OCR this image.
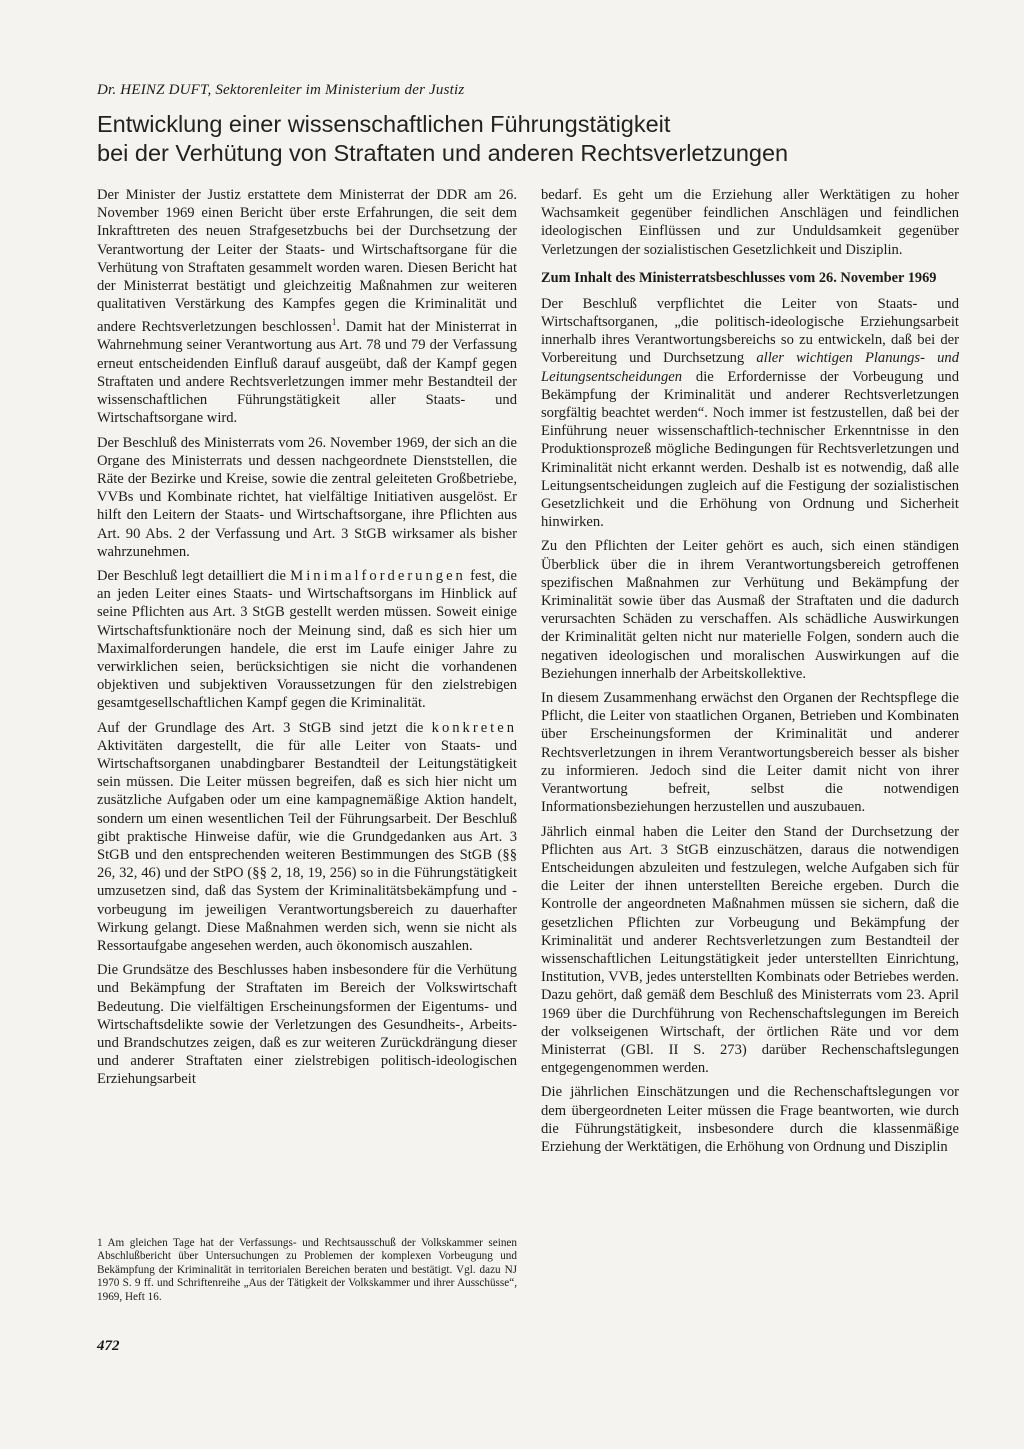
Dr. HEINZ DUFT, Sektorenleiter im Ministerium der Justiz
Entwicklung einer wissenschaftlichen Führungstätigkeit
bei der Verhütung von Straftaten und anderen Rechtsverletzungen

Der Minister der Justiz erstattete dem Ministerrat der DDR am 26. November 1969 einen Bericht über erste Erfahrungen, die seit dem Inkrafttreten des neuen Strafgesetzbuchs bei der Durchsetzung der Verantwortung der Leiter der Staats- und Wirtschaftsorgane für die Verhütung von Straftaten gesammelt worden waren. Diesen Bericht hat der Ministerrat bestätigt und gleichzeitig Maßnahmen zur weiteren qualitativen Verstärkung des Kampfes gegen die Kriminalität und andere Rechtsverletzungen beschlossen$^1$. Damit hat der Ministerrat in Wahrnehmung seiner Verantwortung aus Art. 78 und 79 der Verfassung erneut entscheidenden Einfluß darauf ausgeübt, daß der Kampf gegen Straftaten und andere Rechtsverletzungen immer mehr Bestandteil der wissenschaftlichen Führungstätigkeit aller Staats- und Wirtschaftsorgane wird.

Der Beschluß des Ministerrats vom 26. November 1969, der sich an die Organe des Ministerrats und dessen nachgeordnete Dienststellen, die Räte der Bezirke und Kreise, sowie die zentral geleiteten Großbetriebe, VVBs und Kombinate richtet, hat vielfältige Initiativen ausgelöst. Er hilft den Leitern der Staats- und Wirtschaftsorgane, ihre Pflichten aus Art. 90 Abs. 2 der Verfassung und Art. 3 StGB wirksamer als bisher wahrzunehmen.

Der Beschluß legt detailliert die Minimalforderungen fest, die an jeden Leiter eines Staats- und Wirtschaftsorgans im Hinblick auf seine Pflichten aus Art. 3 StGB gestellt werden müssen. Soweit einige Wirtschaftsfunktionäre noch der Meinung sind, daß es sich hier um Maximalforderungen handele, die erst im Laufe einiger Jahre zu verwirklichen seien, berücksichtigen sie nicht die vorhandenen objektiven und subjektiven Voraussetzungen für den zielstrebigen gesamtgesellschaftlichen Kampf gegen die Kriminalität.

Auf der Grundlage des Art. 3 StGB sind jetzt die konkreten Aktivitäten dargestellt, die für alle Leiter von Staats- und Wirtschaftsorganen unabdingbarer Bestandteil der Leitungstätigkeit sein müssen. Die Leiter müssen begreifen, daß es sich hier nicht um zusätzliche Aufgaben oder um eine kampagnemäßige Aktion handelt, sondern um einen wesentlichen Teil der Führungsarbeit. Der Beschluß gibt praktische Hinweise dafür, wie die Grundgedanken aus Art. 3 StGB und den entsprechenden weiteren Bestimmungen des StGB (§§ 26, 32, 46) und der StPO (§§ 2, 18, 19, 256) so in die Führungstätigkeit umzusetzen sind, daß das System der Kriminalitätsbekämpfung und -vorbeugung im jeweiligen Verantwortungsbereich zu dauerhafter Wirkung gelangt. Diese Maßnahmen werden sich, wenn sie nicht als Ressortaufgabe angesehen werden, auch ökonomisch auszahlen.

Die Grundsätze des Beschlusses haben insbesondere für die Verhütung und Bekämpfung der Straftaten im Bereich der Volkswirtschaft Bedeutung. Die vielfältigen Erscheinungsformen der Eigentums- und Wirtschaftsdelikte sowie der Verletzungen des Gesundheits-, Arbeits- und Brandschutzes zeigen, daß es zur weiteren Zurückdrängung dieser und anderer Straftaten einer zielstrebigen politisch-ideologischen Erziehungsarbeit

1 Am gleichen Tage hat der Verfassungs- und Rechtsausschuß der Volkskammer seinen Abschlußbericht über Untersuchungen zu Problemen der komplexen Vorbeugung und Bekämpfung der Kriminalität in territorialen Bereichen beraten und bestätigt. Vgl. dazu NJ 1970 S. 9 ff. und Schriftenreihe „Aus der Tätigkeit der Volkskammer und ihrer Ausschüsse“, 1969, Heft 16.
472

bedarf. Es geht um die Erziehung aller Werktätigen zu hoher Wachsamkeit gegenüber feindlichen Anschlägen und feindlichen ideologischen Einflüssen und zur Unduldsamkeit gegenüber Verletzungen der sozialistischen Gesetzlichkeit und Disziplin.

Zum Inhalt des Ministerratsbeschlusses vom 26. November 1969

Der Beschluß verpflichtet die Leiter von Staats- und Wirtschaftsorganen, „die politisch-ideologische Erziehungsarbeit innerhalb ihres Verantwortungsbereichs so zu entwickeln, daß bei der Vorbereitung und Durchsetzung aller wichtigen Planungs- und Leitungsentscheidungen die Erfordernisse der Vorbeugung und Bekämpfung der Kriminalität und anderer Rechtsverletzungen sorgfältig beachtet werden“. Noch immer ist festzustellen, daß bei der Einführung neuer wissenschaftlich-technischer Erkenntnisse in den Produktionsprozeß mögliche Bedingungen für Rechtsverletzungen und Kriminalität nicht erkannt werden. Deshalb ist es notwendig, daß alle Leitungsentscheidungen zugleich auf die Festigung der sozialistischen Gesetzlichkeit und die Erhöhung von Ordnung und Sicherheit hinwirken.

Zu den Pflichten der Leiter gehört es auch, sich einen ständigen Überblick über die in ihrem Verantwortungsbereich getroffenen spezifischen Maßnahmen zur Verhütung und Bekämpfung der Kriminalität sowie über das Ausmaß der Straftaten und die dadurch verursachten Schäden zu verschaffen. Als schädliche Auswirkungen der Kriminalität gelten nicht nur materielle Folgen, sondern auch die negativen ideologischen und moralischen Auswirkungen auf die Beziehungen innerhalb der Arbeitskollektive.

In diesem Zusammenhang erwächst den Organen der Rechtspflege die Pflicht, die Leiter von staatlichen Organen, Betrieben und Kombinaten über Erscheinungsformen der Kriminalität und anderer Rechtsverletzungen in ihrem Verantwortungsbereich besser als bisher zu informieren. Jedoch sind die Leiter damit nicht von ihrer Verantwortung befreit, selbst die notwendigen Informationsbeziehungen herzustellen und auszubauen.

Jährlich einmal haben die Leiter den Stand der Durchsetzung der Pflichten aus Art. 3 StGB einzuschätzen, daraus die notwendigen Entscheidungen abzuleiten und festzulegen, welche Aufgaben sich für die Leiter der ihnen unterstellten Bereiche ergeben. Durch die Kontrolle der angeordneten Maßnahmen müssen sie sichern, daß die gesetzlichen Pflichten zur Vorbeugung und Bekämpfung der Kriminalität und anderer Rechtsverletzungen zum Bestandteil der wissenschaftlichen Leitungstätigkeit jeder unterstellten Einrichtung, Institution, VVB, jedes unterstellten Kombinats oder Betriebes werden. Dazu gehört, daß gemäß dem Beschluß des Ministerrats vom 23. April 1969 über die Durchführung von Rechenschaftslegungen im Bereich der volkseigenen Wirtschaft, der örtlichen Räte und vor dem Ministerrat (GBl. II S. 273) darüber Rechenschaftslegungen entgegengenommen werden.

Die jährlichen Einschätzungen und die Rechenschaftslegungen vor dem übergeordneten Leiter müssen die Frage beantworten, wie durch die Führungstätigkeit, insbesondere durch die klassenmäßige Erziehung der Werktätigen, die Erhöhung von Ordnung und Disziplin
